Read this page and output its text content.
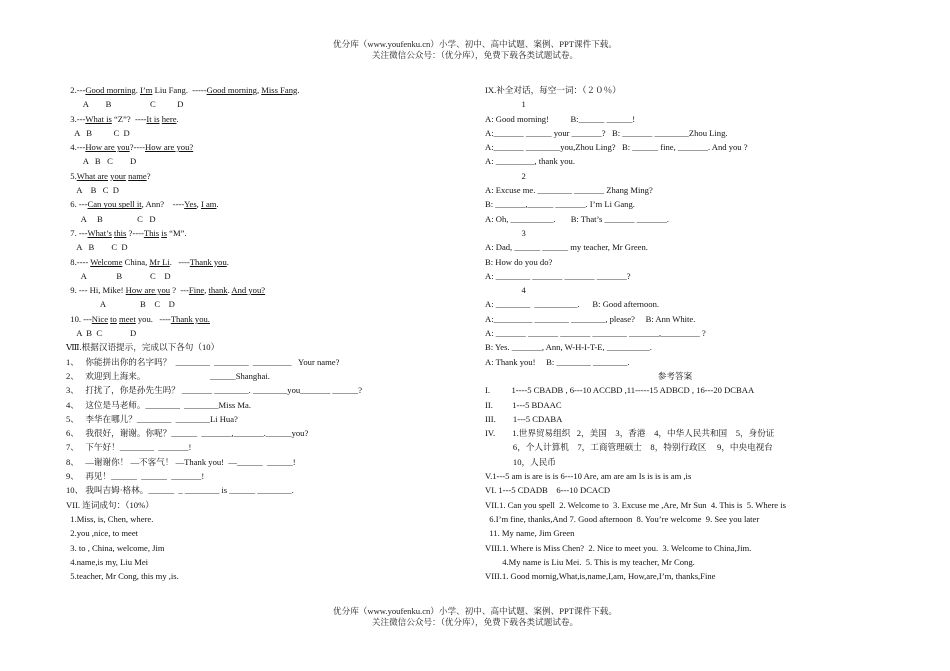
优分库（www.youfenku.cn）小学、初中、高中试题、案例、PPT课件下载。
关注微信公众号：（优分库），免费下载各类试题试卷。
2.---Good morning. I’m Liu Fang.  -----Good morning, Miss Fang.
A        B                  C          D
3.---What is “Z”?  ----It is here.
A   B          C  D
4.---How are you?----How are you?
A   B   C        D
5.What are your name?
A    B   C  D
6. ---Can you spell it, Ann?    ----Yes, I am.
A     B                C   D
7. ---What’s this ?----This is “M”.
A   B        C  D
8.---- Welcome China, Mr Li.   ----Thank you.
A              B             C    D
9. --- Hi, Mike! How are you ?  ---Fine, thank. And you?
A                B    C    D
10. ---Nice to meet you.   ----Thank you.
A  B  C             D
Ⅷ.根据汉语提示，完成以下各句（10）
1、   你能拼出你的名字吗？  ________  ________  _________   Your name?
2、   欢迎到上海来。                              ______Shanghai.
3、   打扰了，你是孙先生吗？ _______ ________. ________you_______ ______?
4、   这位是马老师。________  ________Miss Ma.
5、   李华在哪儿？________  ________Li Hua?
6、   我很好，谢谢。你呢？______  _______,_______.______you?
7、   下午好！________  _______!
8、   —谢谢你！ —不客气！ —Thank you!  —______  ______!
9、   再见！______  ______  _______!
10、 我叫吉姆·格林。______  _ ________ is ______ ________.
VII. 连词成句：（10%）
1.Miss, is, Chen, where.
2.you ,nice, to meet
3. to , China, welcome, Jim
4.name,is my, Liu Mei
5.teacher, Mr Cong, this my ,is.
IX.补全对话，每空一词：（２０％）
1
A: Good morning!          B:______ ______!
A:_______ ______ your _______?   B: _______ ________Zhou Ling.
A:_______ ________you,Zhou Ling?   B: ______ fine, _______. And you ?
A: _________, thank you.
2
A: Excuse me. ________ _______ Zhang Ming?
B: _______,______ _______. I’m Li Gang.
A: Oh, __________.       B: That’s _______ _______.
3
A: Dad, ______ ______ my teacher, Mr Green.
B: How do you do?
A: ________ _______ _______ _______?
4
A: ________  __________.      B: Good afternoon.
A:_________ ________ ________, please?     B: Ann White.
A: _______ _______ _______ ________ _______,_________ ?
B: Yes. _______, Ann, W-H-I-T-E, __________.
A: Thank you!     B: ________ ________.
参考答案
I.          1----5 CBADB , 6---10 ACCBD ,11-----15 ADBCD , 16---20 DCBAA
II.         1---5 BDAAC
III.        1---5 CDABA
IV.        1.世界贸易组织   2，美国    3，香港    4，中华人民共和国    5，身份证
6，个人计算机    7，工商管理硕士    8，特别行政区     9，中央电视台
10，人民币
V.1---5 am is are is is 6---10 Are, am are am Is is is is am ,is
VI. 1---5 CDADB    6---10 DCACD
VII.1. Can you spell  2. Welcome to  3. Excuse me ,Are, Mr Sun  4. This is  5. Where is
6.I’m fine, thanks,And 7. Good afternoon  8. You’re welcome  9. See you later
11. My name, Jim Green
VIII.1. Where is Miss Chen?  2. Nice to meet you.  3. Welcome to China,Jim.
4.My name is Liu Mei.  5. This is my teacher, Mr Cong.
VIII.1. Good mornig,What,is,name,I,am, How,are,I’m, thanks,Fine
优分库（www.youfenku.cn）小学、初中、高中试题、案例、PPT课件下载。
关注微信公众号：（优分库），免费下载各类试题试卷。
